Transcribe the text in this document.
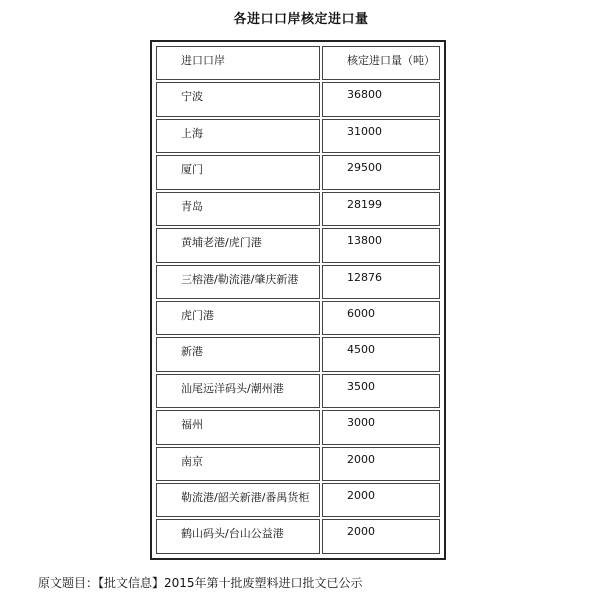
各进口口岸核定进口量
进口口岸	核定进口量（吨）
宁波	36800
上海	31000
厦门	29500
青岛	28199
黄埔老港/虎门港	13800
三榕港/勒流港/肇庆新港	12876
虎门港	6000
新港	4500
汕尾远洋码头/潮州港	3500
福州	3000
南京	2000
勒流港/韶关新港/番禺货柜	2000
鹤山码头/台山公益港	2000
原文题目：【批文信息】2015年第十批废塑料进口批文已公示
